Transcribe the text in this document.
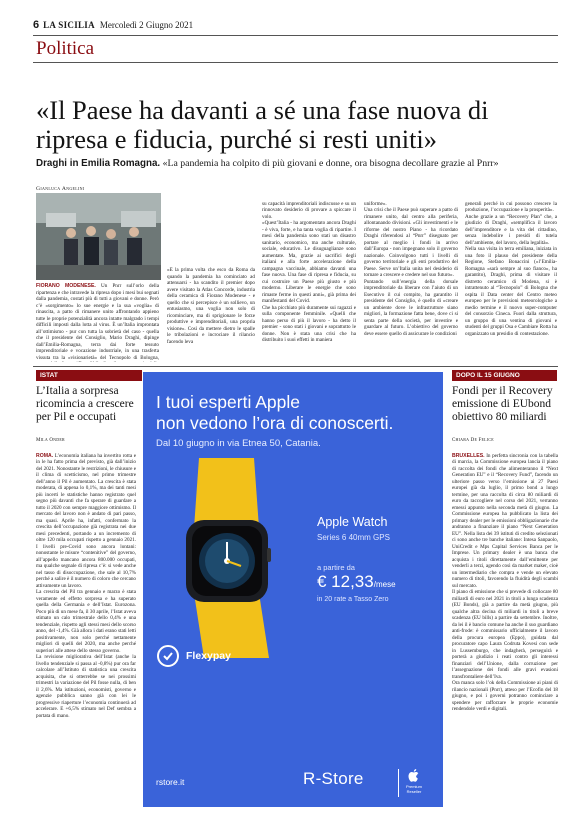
6 LA SICILIA Mercoledì 2 Giugno 2021
Politica
«Il Paese ha davanti a sé una fase nuova di ripresa e fiducia, purché si resti uniti»
Draghi in Emilia Romagna. «La pandemia ha colpito di più giovani e donne, ora bisogna decollare grazie al Pnrr»
Gianluca Angelini

FIORANO MODENESE. Un Pnrr sull’orlo della ripartenza e che intravede la ripresa dopo i mesi bui segnati dalla pandemia, costati più di tutti a giovani e donne. Però c’è «sorgimento» lo sue energie e la sua «voglia» di rinascita, a patto di rimanere unito affrontando appieno tutte le proprie potenzialità ancora intatte malgrado i tempi difficili imposti dalla lotta al virus. È un’Italia improntata all’ottimismo - pur con tutta la sobrietà del caso - quella che il presidente del Consiglio, Mario Draghi, dipinge dall’Emilia-Romagna, terra dai forte tessuto imprenditoriale e vocazione industriale, in una trasferta vissuta tra la «visionarietà» del Tecnopolo di Bologna,

«È la prima volta che esco da Roma da quando la pandemia ha cominciato ad attenuarsi - ha scandito il premier dopo avere visitato la Atlas Concorde, industria della ceramica di Fiorano Modenese - e quello che si percepisce è un sollievo, un entusiasmo, una voglia non solo di ricominciare, ma di sprigionare le forze produttive e imprenditoriali, una propria visione». Così da mettere dietro le spalle le tribolazioni e incrociare il rilancio facendo leva

su capacità imprenditoriali indiscusse e su un rinnovato desiderio di provare a spiccare il volo.
«Quest’Italia - ha argomentato ancora Draghi - è viva, forte, e ha tanta voglia di ripartire. I mesi della pandemia sono stati un disastro sanitario, economico, ma anche culturale, sociale, educativo. Le disuguaglianze sono aumentate. Ma, grazie ai sacrifici degli italiani e alla forte accelerazione della campagna vaccinale, abbiamo davanti una fase nuova. Una fase di ripresa e fiducia, su cui costruire un Paese più giusto e più moderno. Liberare le energie che sono rimaste ferme in questi anni», già prima dei manifestanti del Covid.
Che ha picchiato più duramente sui ragazzi e sulla componente femminile. «Quelli che hanno perso di più il lavoro - ha detto il premier - sono stati i giovani e soprattutto le donne. Non è stata una crisi che ha distribuito i suoi effetti in maniera

uniforme».
Una crisi che il Paese può superare a patto di rimanere unito, dal centro alla periferia, allontanando divisioni. «Gli investimenti e le riforme del nostro Piano - ha ricordato Draghi riferendosi al “Pnrr” disegnato per portare al meglio i fondi in arrivo dall’Europa - non impegnano solo il governo nazionale. Coinvolgono tutti i livelli di governo territoriale e gli enti produttivo del Paese. Serve un’Italia unita nel desiderio di tornare a crescere e credere nel suo futuro».
Puntando sull’energia della dorsale imprenditoriale da liberare con l’aiuto di un Esecutivo il cui compito, ha garantito il presidente del Consiglio, è quello di «creare un ambiente dove le infrastrutture siano migliori, la formazione fatta bene, dove ci si senta parte della società, per investire e guardare al futuro. L’obiettivo del governo deve essere quello di assicurare le condizioni

generali perché in cui possono crescere la produzione, l’occupazione e la prosperità».
Anche grazie a un “Recovery Plan” che, a giudizio di Draghi, «semplifica il lavoro dell’imprenditore e la vita del cittadino, senza indebolire i presidi di tutela dell’ambiente, del lavoro, della legalità».
Nella sua visita in terra emiliana, iniziata in una foto il plauso del presidente della Regione, Stefano Bonaccini («l’Emilia-Romagna «sarà sempre al suo fianco», ha garantito), Draghi, prima di visitare il distretto ceramico di Modena, si è intrattenuto al “Tecnopolo” di Bologna che ospita il Data center del Centro meteo europeo per le previsioni meteorologiche a medio termine e il nuovo super-computer del consorzio Cineca. Fuori dalla struttura, un gruppo di una ventina di giovani e studenti del gruppi Osa e Cambiare Rotta ha organizzato un presidio di contestazione.

ISTAT
L’Italia a sorpresa ricomincia a crescere per Pil e occupati
Mila Onder

ROMA. L’economia italiana ha invertito rotta e in le ha fatto prima del previsto, già dall’inizio del 2021. Nonostante le restrizioni, le chiusure e il clima di scetticismo, nel primo trimestre dell’anno il Pil è aumentato. La crescita è stata moderata, di appena lo 0,1%, ma dei tanti mesi più incerti le statistiche hanno registrato quel segno più davanti che fa sperare di guardare a tutto il 2020 con sempre maggiore ottimismo. Il mercato del lavoro non è andato di pari passo, ma quasi. Aprile ha, infatti, confermato la crescita dell’occupazione già registrata nei due mesi precedenti, portando a un incremento di oltre 120 mila occupati rispetto a gennaio 2021. I livelli pre-Covid sono ancora lontani: nonostante le misure “contenitive” del governo, all’appello mancano ancora 800.000 occupati, ma qualche segnale di ripresa c’è: si vede anche nel tasso di disoccupazione, che sale al 10,7% perché a salire è il numero di coloro che cercano attivamente un lavoro.
La crescita del Pil tra gennaio e marzo è stata veramente ed effetto sorpresa e ha superato quella della Germania e dell’Istat. Eurozona. Poco più di un mese fa, il 30 aprile, l’Istat aveva stimato un calo trimestrale dello 0,4% e una tendenziale, rispetto agli stessi mesi dello scorso anno, del -1,4%. Già allora i dati erano stati letti positivamente, non solo perché nettamente migliori di quelli del 2020, ma anche perché superiori alle attese dello stesso governo.
La revisione migliorativa dell’Istat (anche la livello tendenziale si passa al -0,8%) pur ora far calcolare all’Istituto di statistica una crescita acquisita, che si otterrebbe se nei prossimi trimestri la variazione del Pil fosse nulla, di ben il 2,6%. Ma istituzioni, economisti, governo e agenzie pubblica sanno già con lei le progressive riaperture l’economia continuerà ad accelerare. E +6,5% stimato nel Def sembra a portata di mano.

I tuoi esperti Apple
non vedono l’ora di conoscerti.
Dal 10 giugno in via Etnea 50, Catania.
Apple Watch
Series 6 40mm GPS
a partire da
€ 12,33/mese
in 20 rate a Tasso Zero
Flexypay
rstore.it	R-Store	Premium
Reseller
DOPO IL 15 GIUGNO
Fondi per il Recovery emissione di EUbond obiettivo 80 miliardi
Chiara De Felice

BRUXELLES. In perfetta sincronia con la tabella di marcia, la Commissione europea lancia il piano di raccolta dei fondi che alimenteranno il “Next Generation EU” e il “Recovery Fund”, facendo un ulteriore passo verso l’emissione ai 27 Paesi europei già da luglio, il primo bond a lungo termine, per una raccolta di circa 80 miliardi di euro da raccogliere nel corso del 2021, verranno emessi appunto nella seconda metà di giugno. La Commissione europea ha pubblicato la lista dei primary dealer per le emissioni obbligazionarie che andranno a finanziare il piano “Next Generation EU”. Nella lista dei 39 istituti di credito selezionati ci sono anche tre banche italiane: Intesa Sanpaolo, UniCredit e Mps Capital Services Banca per le Imprese. Un primary dealer è una banca che acquista i titoli direttamente dall’emittente per venderli a terzi, agendo così da market maker, cioè un intermediario che compra e vende un elevato numero di titoli, favorendo la fluidità degli scambi sul mercato.
Il piano di emissione che si prevede di collocare 80 miliardi di euro nel 2021 in titoli a lunga scadenza (EU Bonds), già a partire da metà giugno, più qualche altra decina di miliardi in titoli a breve scadenza (EU bills) a partire da settembre. Inoltre, da lei il è bancio comune ha anche il suo guardiano anti-frode: è commissario ufficialmente il lavoro della procura europea (Eppo), guidata dal procuratore capo Laura Codruta Kovesi con sede in Lussemburgo, che indagherà, perseguirà e porterà a giudizio i reati contro gli interessi finanziari dell’Unione, dalla corruzione per l’assegnazione dei fondi alle gravi evasioni transfrontaliere dell’Iva.
Ora manca solo l’ok della Commissione ai piani di rilancio nazionali (Pnrr), atteso per l’Ecofin del 18 giugno, e poi i governi potranno cominciare a spendere per rafforzare le proprie economie rendendole verdi e digitali.
